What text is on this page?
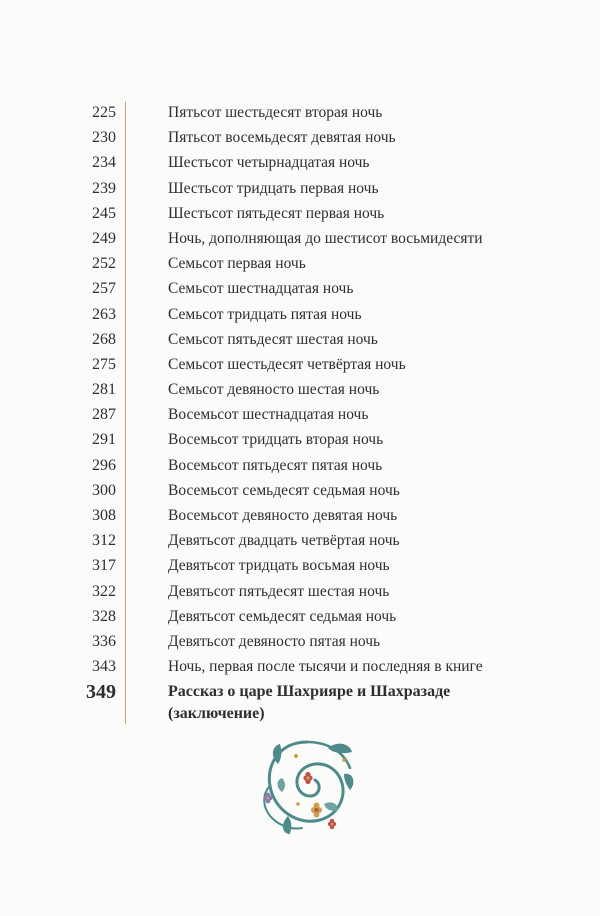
225	Пятьсот шестьдесят вторая ночь
230	Пятьсот восемьдесят девятая ночь
234	Шестьсот четырнадцатая ночь
239	Шестьсот тридцать первая ночь
245	Шестьсот пятьдесят первая ночь
249	Ночь, дополняющая до шестисот восьмидесяти
252	Семьсот первая ночь
257	Семьсот шестнадцатая ночь
263	Семьсот тридцать пятая ночь
268	Семьсот пятьдесят шестая ночь
275	Семьсот шестьдесят четвёртая ночь
281	Семьсот девяносто шестая ночь
287	Восемьсот шестнадцатая ночь
291	Восемьсот тридцать вторая ночь
296	Восемьсот пятьдесят пятая ночь
300	Восемьсот семьдесят седьмая ночь
308	Восемьсот девяносто девятая ночь
312	Девятьсот двадцать четвёртая ночь
317	Девятьсот тридцать восьмая ночь
322	Девятьсот пятьдесят шестая ночь
328	Девятьсот семьдесят седьмая ночь
336	Девятьсот девяносто пятая ночь
343	Ночь, первая после тысячи и последняя в книге
349	Рассказ о царе Шахрияре и Шахразаде (заключение)
